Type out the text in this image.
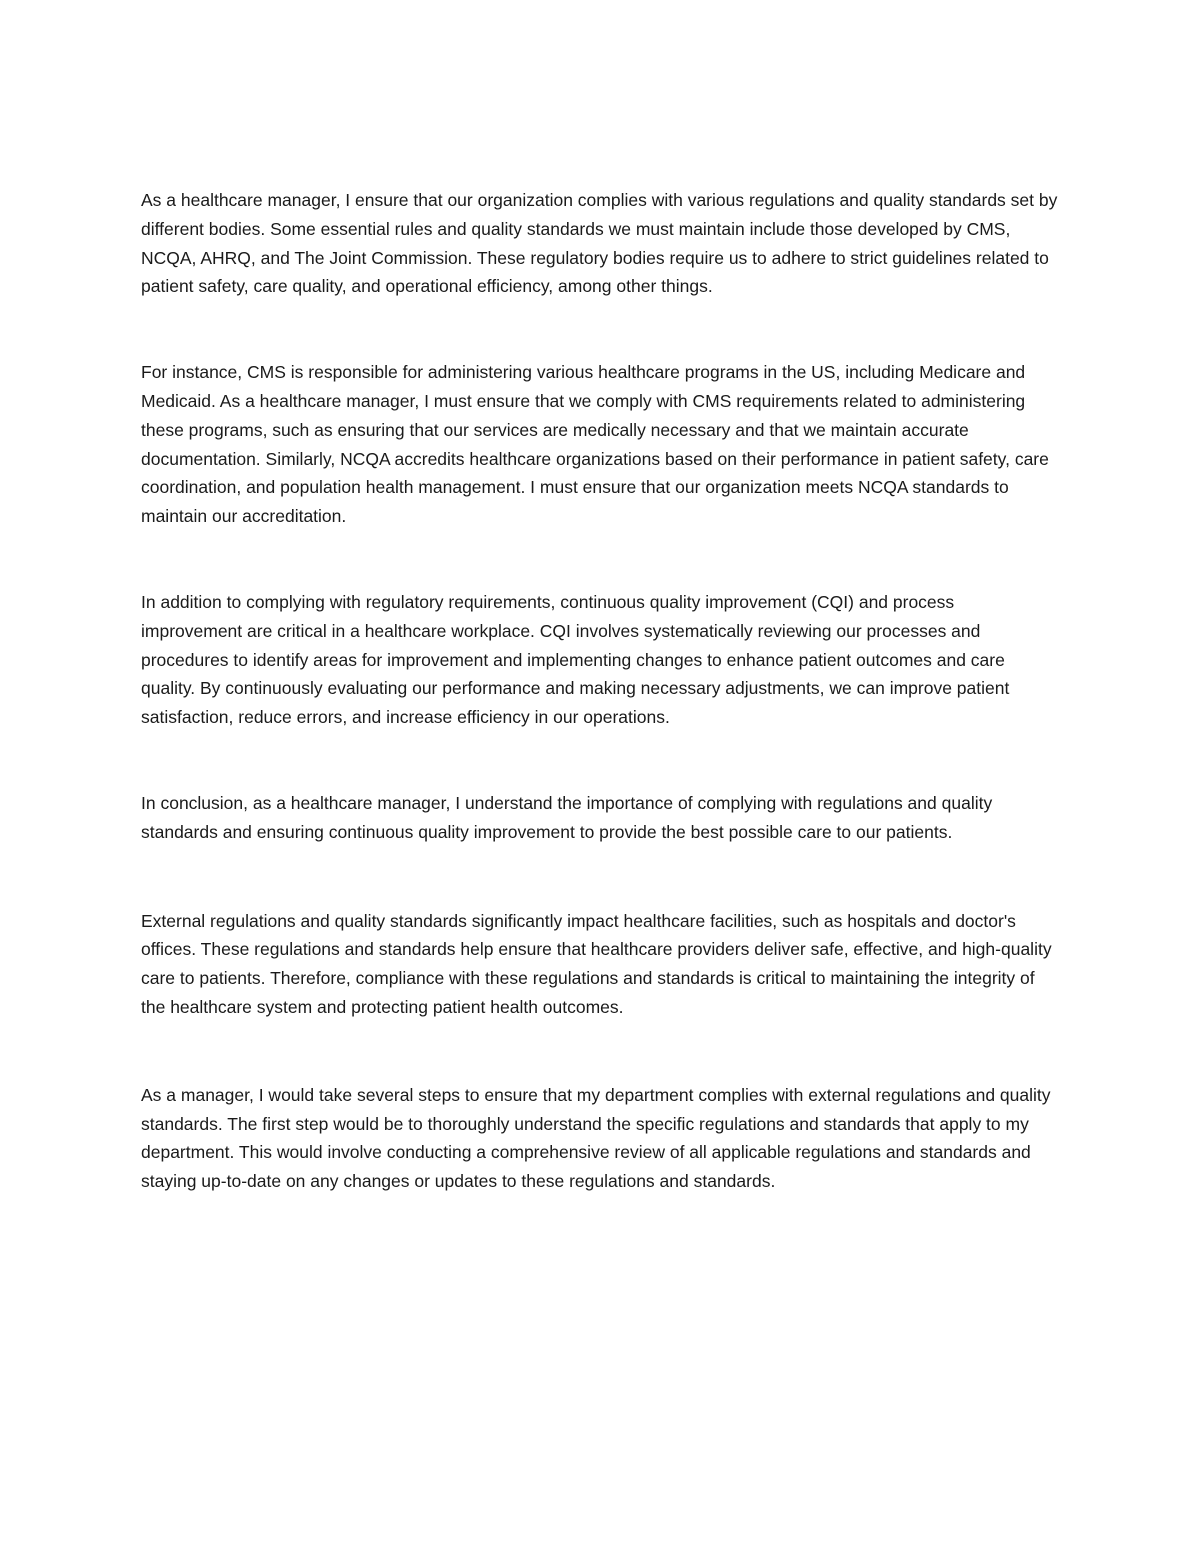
As a healthcare manager, I ensure that our organization complies with various regulations and quality standards set by different bodies. Some essential rules and quality standards we must maintain include those developed by CMS, NCQA, AHRQ, and The Joint Commission. These regulatory bodies require us to adhere to strict guidelines related to patient safety, care quality, and operational efficiency, among other things.

For instance, CMS is responsible for administering various healthcare programs in the US, including Medicare and Medicaid. As a healthcare manager, I must ensure that we comply with CMS requirements related to administering these programs, such as ensuring that our services are medically necessary and that we maintain accurate documentation. Similarly, NCQA accredits healthcare organizations based on their performance in patient safety, care coordination, and population health management. I must ensure that our organization meets NCQA standards to maintain our accreditation.

In addition to complying with regulatory requirements, continuous quality improvement (CQI) and process improvement are critical in a healthcare workplace. CQI involves systematically reviewing our processes and procedures to identify areas for improvement and implementing changes to enhance patient outcomes and care quality. By continuously evaluating our performance and making necessary adjustments, we can improve patient satisfaction, reduce errors, and increase efficiency in our operations.

In conclusion, as a healthcare manager, I understand the importance of complying with regulations and quality standards and ensuring continuous quality improvement to provide the best possible care to our patients.

External regulations and quality standards significantly impact healthcare facilities, such as hospitals and doctor's offices. These regulations and standards help ensure that healthcare providers deliver safe, effective, and high-quality care to patients. Therefore, compliance with these regulations and standards is critical to maintaining the integrity of the healthcare system and protecting patient health outcomes.

As a manager, I would take several steps to ensure that my department complies with external regulations and quality standards. The first step would be to thoroughly understand the specific regulations and standards that apply to my department. This would involve conducting a comprehensive review of all applicable regulations and standards and staying up-to-date on any changes or updates to these regulations and standards.
